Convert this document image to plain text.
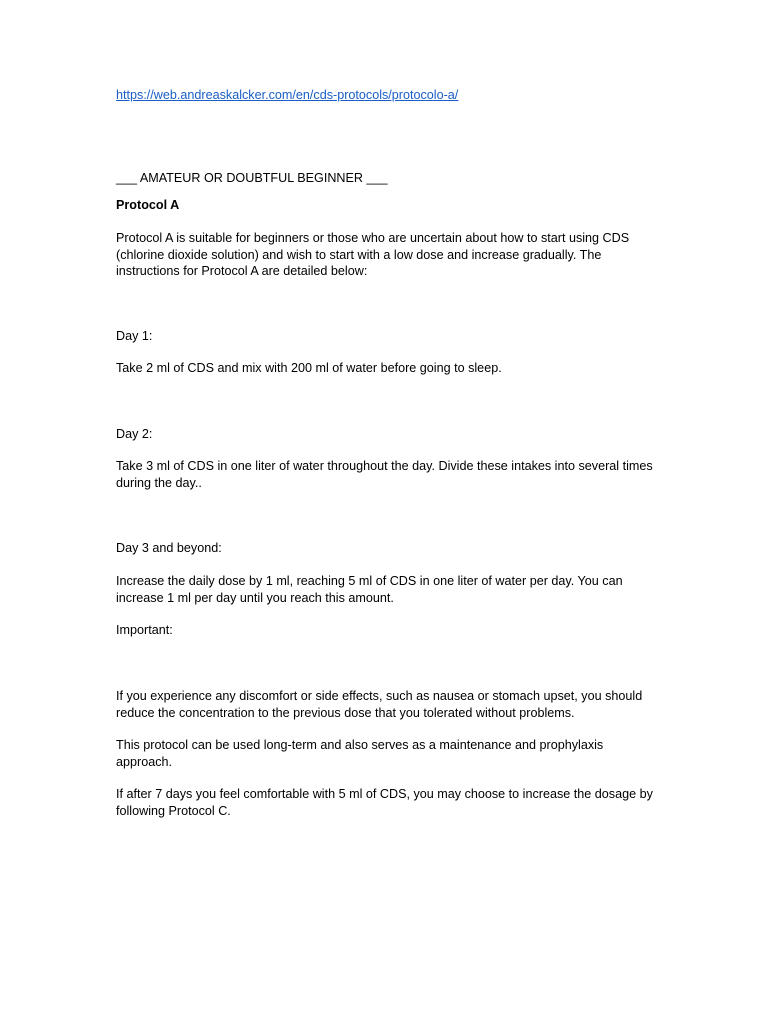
https://web.andreaskalcker.com/en/cds-protocols/protocolo-a/
___ AMATEUR OR DOUBTFUL BEGINNER ___
Protocol A
Protocol A is suitable for beginners or those who are uncertain about how to start using CDS (chlorine dioxide solution) and wish to start with a low dose and increase gradually. The instructions for Protocol A are detailed below:
Day 1:
Take 2 ml of CDS and mix with 200 ml of water before going to sleep.
Day 2:
Take 3 ml of CDS in one liter of water throughout the day. Divide these intakes into several times during the day..
Day 3 and beyond:
Increase the daily dose by 1 ml, reaching 5 ml of CDS in one liter of water per day. You can increase 1 ml per day until you reach this amount.
Important:
If you experience any discomfort or side effects, such as nausea or stomach upset, you should reduce the concentration to the previous dose that you tolerated without problems.
This protocol can be used long-term and also serves as a maintenance and prophylaxis approach.
If after 7 days you feel comfortable with 5 ml of CDS, you may choose to increase the dosage by following Protocol C.
